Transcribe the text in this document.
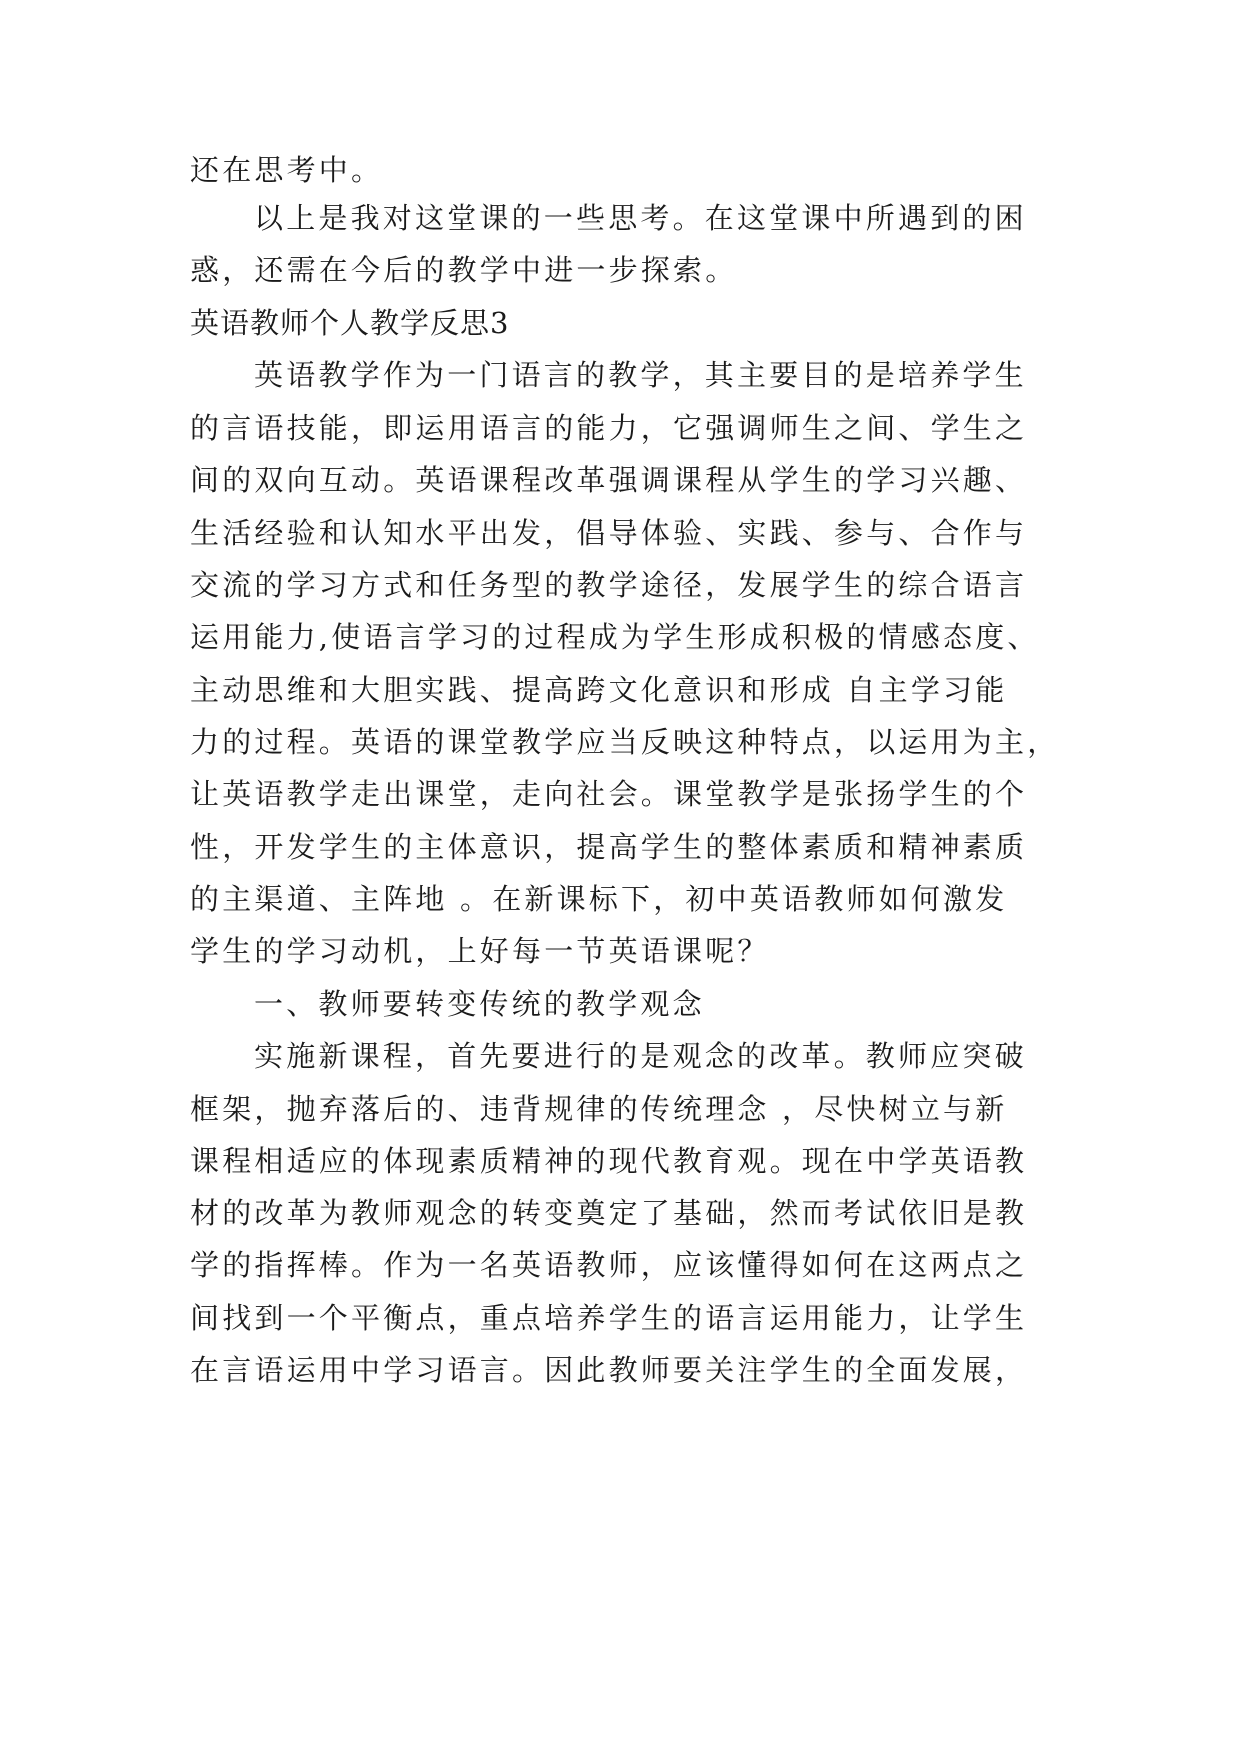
还在思考中。
以上是我对这堂课的一些思考。在这堂课中所遇到的困
惑，还需在今后的教学中进一步探索。
英语教师个人教学反思3
英语教学作为一门语言的教学，其主要目的是培养学生
的言语技能，即运用语言的能力，它强调师生之间、学生之
间的双向互动。英语课程改革强调课程从学生的学习兴趣、
生活经验和认知水平出发，倡导体验、实践、参与、合作与
交流的学习方式和任务型的教学途径，发展学生的综合语言
运用能力,使语言学习的过程成为学生形成积极的情感态度、
主动思维和大胆实践、提高跨文化意识和形成 自主学习能
力的过程。英语的课堂教学应当反映这种特点，以运用为主，
让英语教学走出课堂，走向社会。课堂教学是张扬学生的个
性，开发学生的主体意识，提高学生的整体素质和精神素质
的主渠道、主阵地 。在新课标下，初中英语教师如何激发
学生的学习动机，上好每一节英语课呢？
一、教师要转变传统的教学观念
实施新课程，首先要进行的是观念的改革。教师应突破
框架，抛弃落后的、违背规律的传统理念 ，尽快树立与新
课程相适应的体现素质精神的现代教育观。现在中学英语教
材的改革为教师观念的转变奠定了基础，然而考试依旧是教
学的指挥棒。作为一名英语教师，应该懂得如何在这两点之
间找到一个平衡点，重点培养学生的语言运用能力，让学生
在言语运用中学习语言。因此教师要关注学生的全面发展，
